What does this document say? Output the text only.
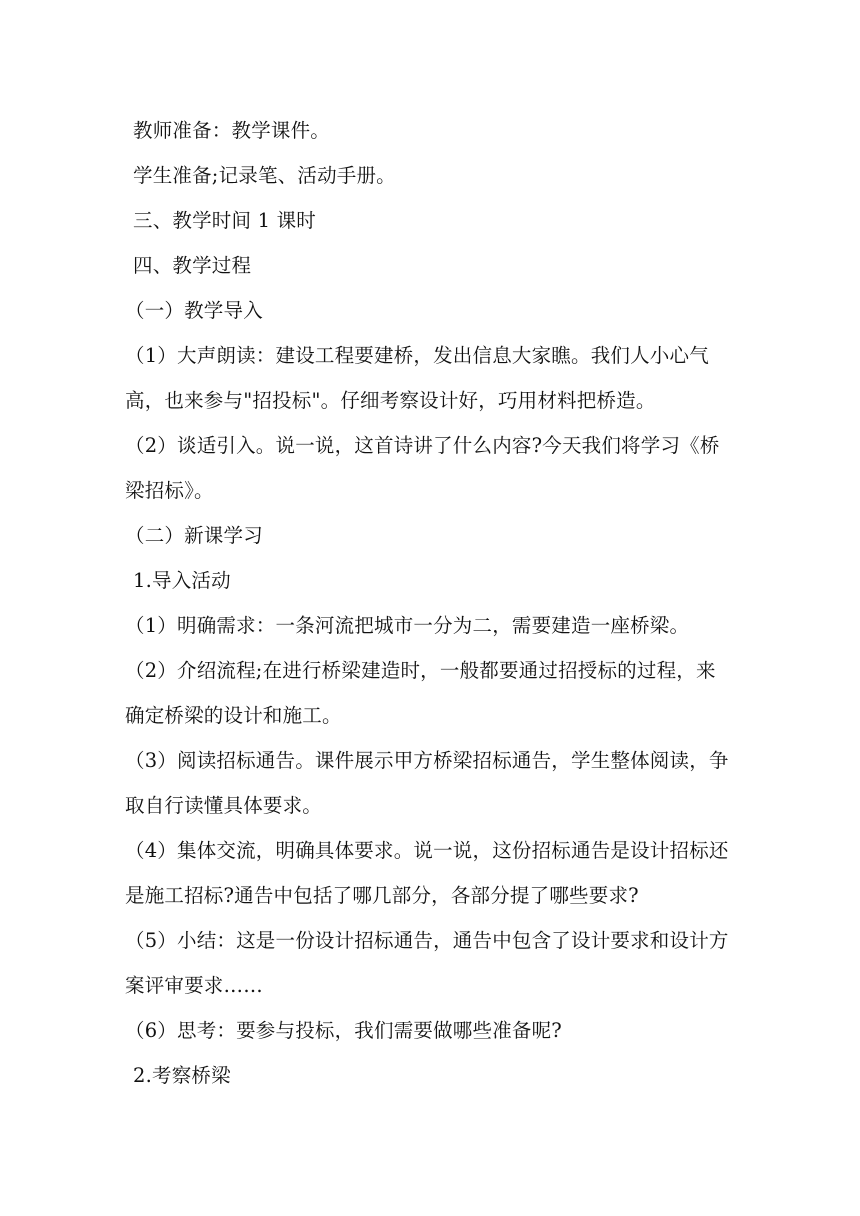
教师准备：教学课件。

学生准备;记录笔、活动手册。

三、教学时间 1 课时

四、教学过程

（一）教学导入

（1）大声朗读：建设工程要建桥，发出信息大家瞧。我们人小心气高，也来参与"招投标"。仔细考察设计好，巧用材料把桥造。

（2）谈适引入。说一说，这首诗讲了什么内容?今天我们将学习《桥梁招标》。

（二）新课学习

1.导入活动

（1）明确需求：一条河流把城市一分为二，需要建造一座桥梁。

（2）介绍流程;在进行桥梁建造时，一般都要通过招授标的过程，来确定桥梁的设计和施工。

（3）阅读招标通告。课件展示甲方桥梁招标通告，学生整体阅读，争取自行读懂具体要求。

（4）集体交流，明确具体要求。说一说，这份招标通告是设计招标还是施工招标?通告中包括了哪几部分，各部分提了哪些要求?

（5）小结：这是一份设计招标通告，通告中包含了设计要求和设计方案评审要求……

（6）思考：要参与投标，我们需要做哪些准备呢?

2.考察桥梁
